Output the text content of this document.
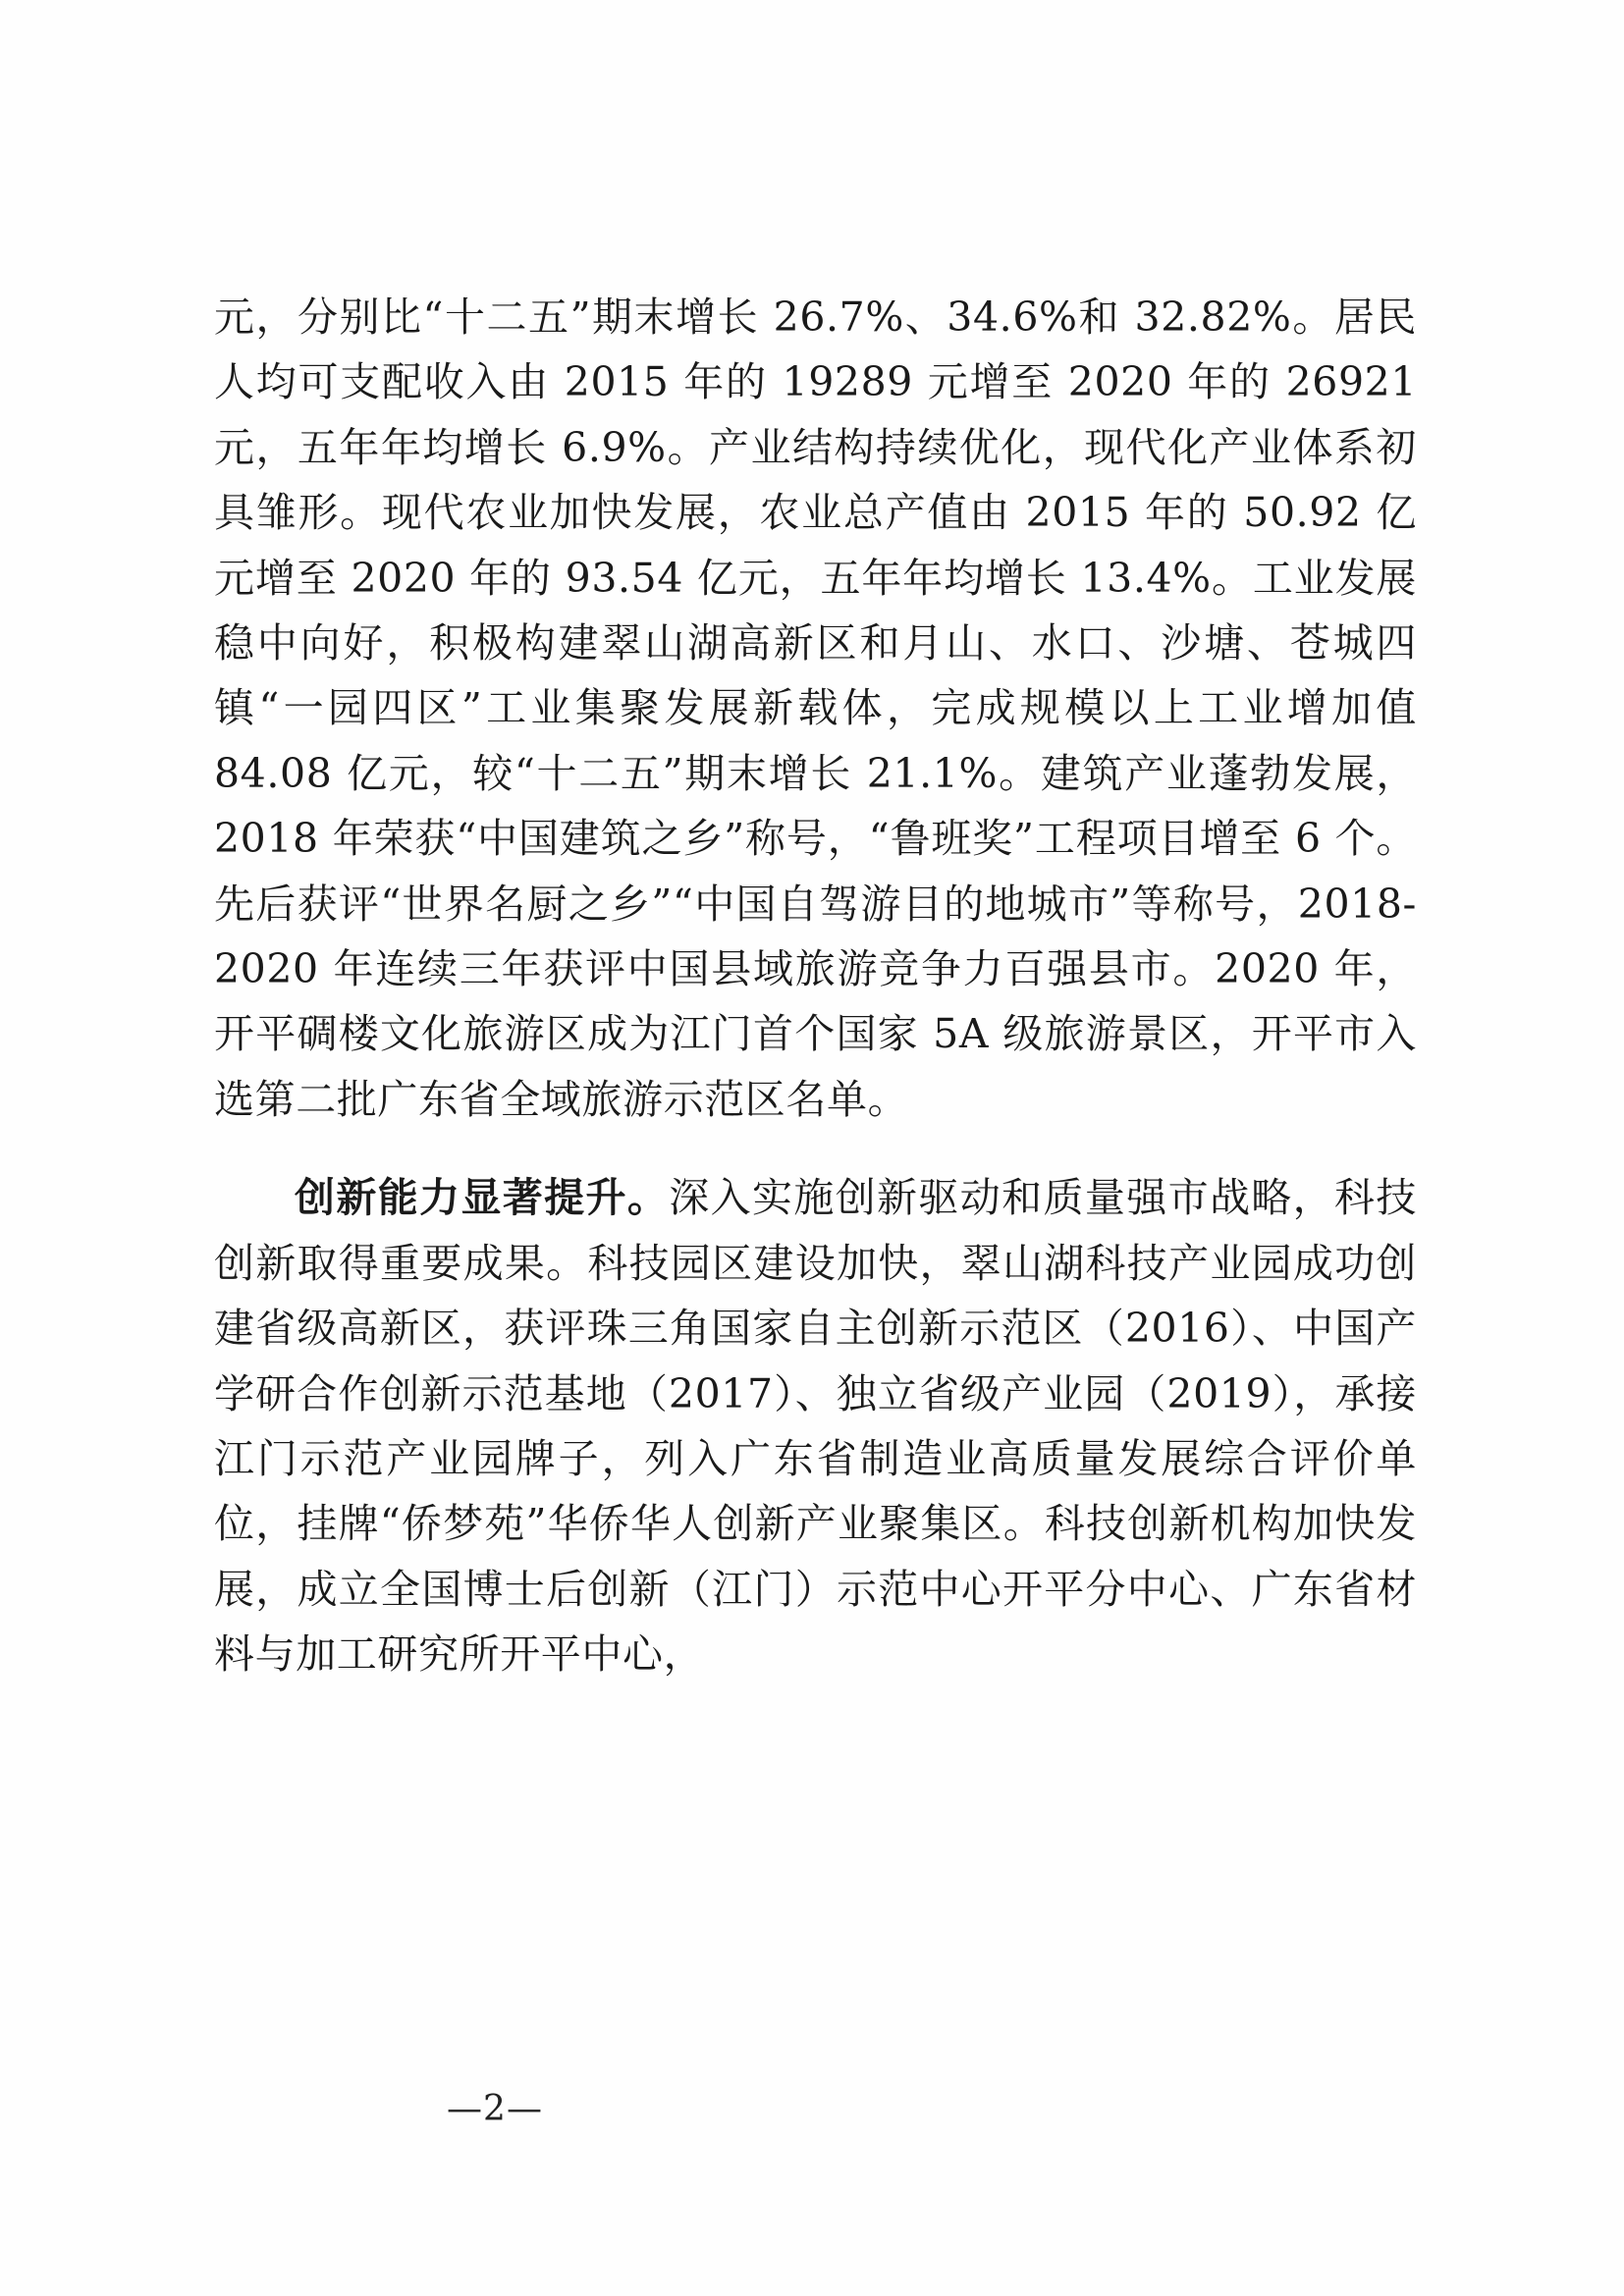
元，分别比“十二五”期末增长 26.7%、34.6%和 32.82%。居民人均可支配收入由 2015 年的 19289 元增至 2020 年的 26921 元，五年年均增长 6.9%。产业结构持续优化，现代化产业体系初具雏形。现代农业加快发展，农业总产值由 2015 年的 50.92 亿元增至 2020 年的 93.54 亿元，五年年均增长 13.4%。工业发展稳中向好，积极构建翠山湖高新区和月山、水口、沙塘、苍城四镇“一园四区”工业集聚发展新载体，完成规模以上工业增加值 84.08 亿元，较“十二五”期末增长 21.1%。建筑产业蓬勃发展，2018 年荣获“中国建筑之乡”称号，“鲁班奖”工程项目增至 6 个。先后获评“世界名厨之乡”“中国自驾游目的地城市”等称号，2018-2020 年连续三年获评中国县域旅游竞争力百强县市。2020 年，开平碉楼文化旅游区成为江门首个国家 5A 级旅游景区，开平市入选第二批广东省全域旅游示范区名单。

创新能力显著提升。深入实施创新驱动和质量强市战略，科技创新取得重要成果。科技园区建设加快，翠山湖科技产业园成功创建省级高新区，获评珠三角国家自主创新示范区（2016）、中国产学研合作创新示范基地（2017）、独立省级产业园（2019），承接江门示范产业园牌子，列入广东省制造业高质量发展综合评价单位，挂牌“侨梦苑”华侨华人创新产业聚集区。科技创新机构加快发展，成立全国博士后创新（江门）示范中心开平分中心、广东省材料与加工研究所开平中心，

—2—
